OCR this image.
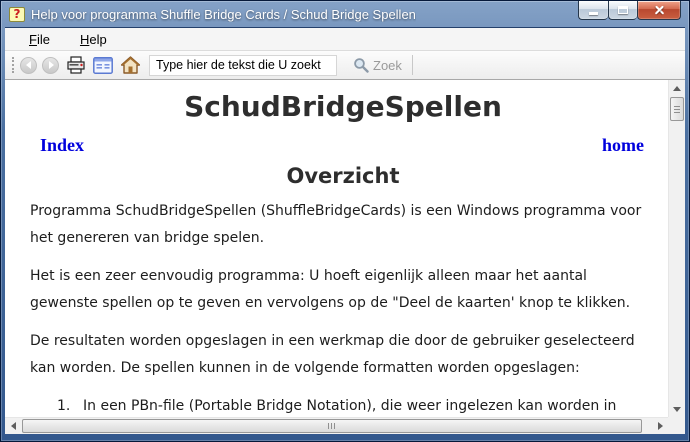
? Help voor programma Shuffle Bridge Cards / Schud Bridge Spellen
File	Help
Type hier de tekst die U zoekt
Zoek
SchudBridgeSpellen
Index	home
Overzicht

Programma SchudBridgeSpellen (ShuffleBridgeCards) is een Windows programma voor
het genereren van bridge spelen.

Het is een zeer eenvoudig programma: U hoeft eigenlijk alleen maar het aantal
gewenste spellen op te geven en vervolgens op de "Deel de kaarten' knop te klikken.

De resultaten worden opgeslagen in een werkmap die door de gebruiker geselecteerd
kan worden. De spellen kunnen in de volgende formatten worden opgeslagen:

1. In een PBn-file (Portable Bridge Notation), die weer ingelezen kan worden in
